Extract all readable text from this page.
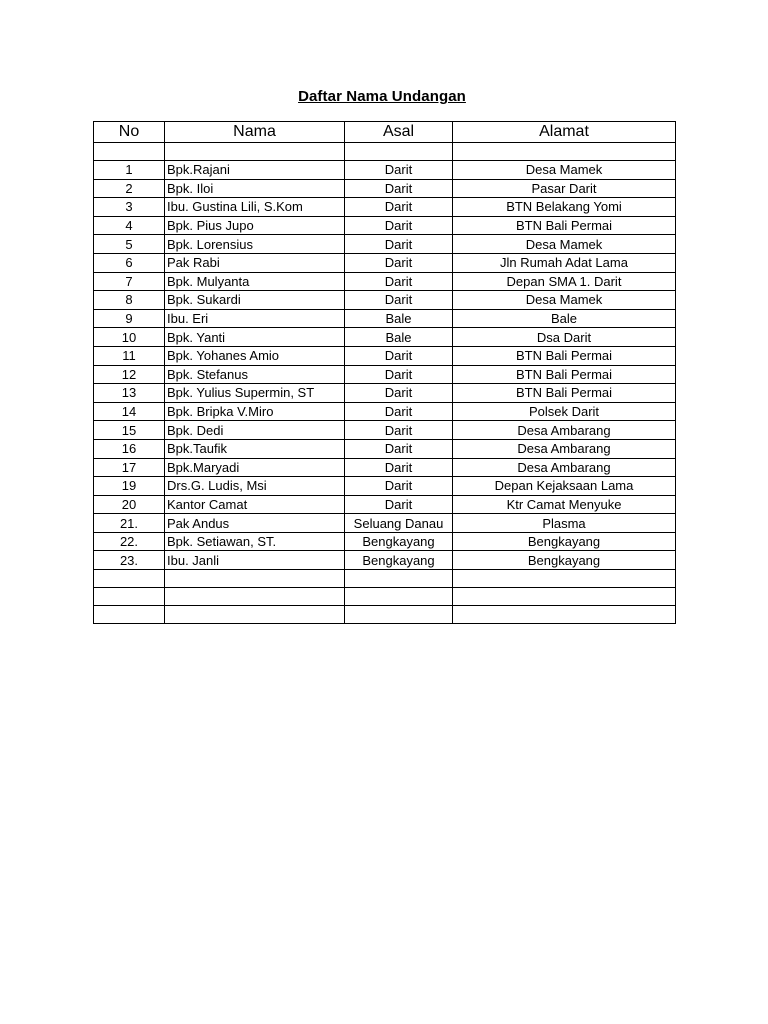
Daftar Nama Undangan
No	Nama	Asal	Alamat

1	Bpk.Rajani	Darit	Desa Mamek
2	Bpk. Iloi	Darit	Pasar Darit
3	Ibu. Gustina Lili, S.Kom	Darit	BTN Belakang Yomi
4	Bpk. Pius Jupo	Darit	BTN Bali Permai
5	Bpk. Lorensius	Darit	Desa Mamek
6	Pak Rabi	Darit	Jln Rumah Adat Lama
7	Bpk. Mulyanta	Darit	Depan SMA 1. Darit
8	Bpk. Sukardi	Darit	Desa Mamek
9	Ibu. Eri	Bale	Bale
10	Bpk. Yanti	Bale	Dsa Darit
11	Bpk. Yohanes Amio	Darit	BTN Bali Permai
12	Bpk. Stefanus	Darit	BTN Bali Permai
13	Bpk. Yulius Supermin, ST	Darit	BTN Bali Permai
14	Bpk. Bripka V.Miro	Darit	Polsek Darit
15	Bpk. Dedi	Darit	Desa Ambarang
16	Bpk.Taufik	Darit	Desa Ambarang
17	Bpk.Maryadi	Darit	Desa Ambarang
19	Drs.G. Ludis, Msi	Darit	Depan Kejaksaan Lama
20	Kantor Camat	Darit	Ktr Camat Menyuke
21.	Pak Andus	Seluang Danau	Plasma
22.	Bpk. Setiawan, ST.	Bengkayang	Bengkayang
23.	Ibu. Janli	Bengkayang	Bengkayang
